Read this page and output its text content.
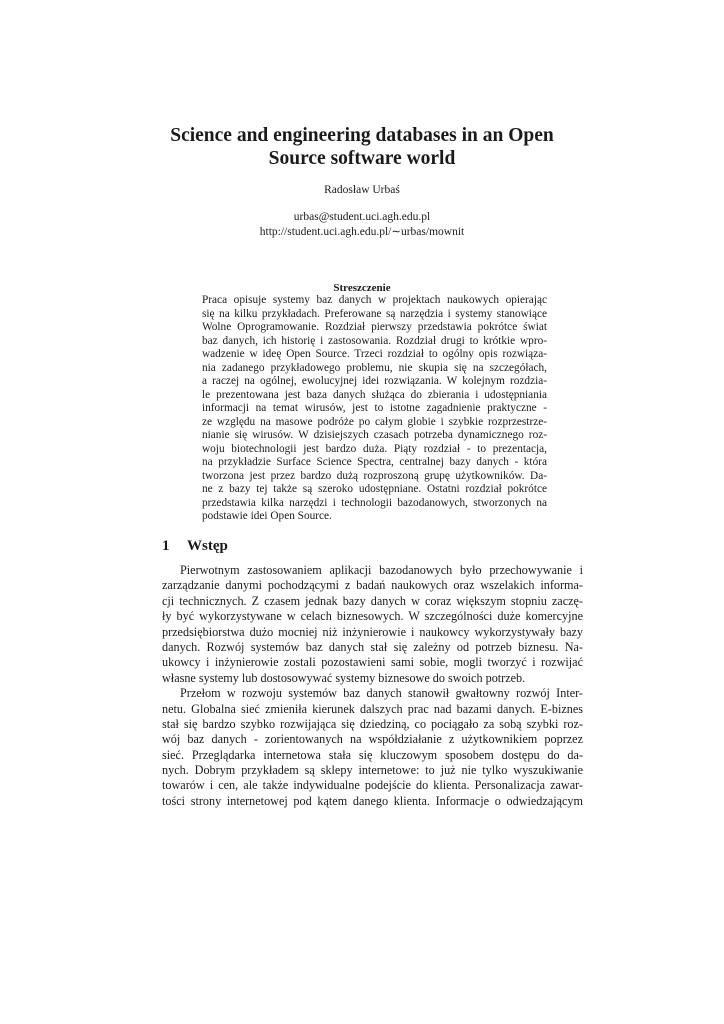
Science and engineering databases in an Open Source software world
Radosław Urbaś
urbas@student.uci.agh.edu.pl
http://student.uci.agh.edu.pl/∼urbas/mownit
Streszczenie
Praca opisuje systemy baz danych w projektach naukowych opierając
się na kilku przykładach. Preferowane są narzędzia i systemy stanowiące
Wolne Oprogramowanie. Rozdział pierwszy przedstawia pokrótce świat
baz danych, ich historię i zastosowania. Rozdział drugi to krótkie wpro-
wadzenie w ideę Open Source. Trzeci rozdział to ogólny opis rozwiąza-
nia zadanego przykładowego problemu, nie skupia się na szczegółach,
a raczej na ogólnej, ewolucyjnej idei rozwiązania. W kolejnym rozdzia-
le prezentowana jest baza danych służąca do zbierania i udostępniania
informacji na temat wirusów, jest to istotne zagadnienie praktyczne -
ze względu na masowe podróże po całym globie i szybkie rozprzestrze-
nianie się wirusów. W dzisiejszych czasach potrzeba dynamicznego roz-
woju biotechnologii jest bardzo duża. Piąty rozdział - to prezentacja,
na przykładzie Surface Science Spectra, centralnej bazy danych - która
tworzona jest przez bardzo dużą rozproszoną grupę użytkowników. Da-
ne z bazy tej także są szeroko udostępniane. Ostatni rozdział pokrótce
przedstawia kilka narzędzi i technologii bazodanowych, stworzonych na
podstawie idei Open Source.
1 Wstęp
Pierwotnym zastosowaniem aplikacji bazodanowych było przechowywanie i
zarządzanie danymi pochodzącymi z badań naukowych oraz wszelakich informa-
cji technicznych. Z czasem jednak bazy danych w coraz większym stopniu zaczę-
ły być wykorzystywane w celach biznesowych. W szczególności duże komercyjne
przedsiębiorstwa dużo mocniej niż inżynierowie i naukowcy wykorzystywały bazy
danych. Rozwój systemów baz danych stał się zależny od potrzeb biznesu. Na-
ukowcy i inżynierowie zostali pozostawieni sami sobie, mogli tworzyć i rozwijać
własne systemy lub dostosowywać systemy biznesowe do swoich potrzeb.
Przełom w rozwoju systemów baz danych stanowił gwałtowny rozwój Inter-
netu. Globalna sieć zmieniła kierunek dalszych prac nad bazami danych. E-biznes
stał się bardzo szybko rozwijająca się dziedziną, co pociągało za sobą szybki roz-
wój baz danych - zorientowanych na współdziałanie z użytkownikiem poprzez
sieć. Przeglądarka internetowa stała się kluczowym sposobem dostępu do da-
nych. Dobrym przykładem są sklepy internetowe: to już nie tylko wyszukiwanie
towarów i cen, ale także indywidualne podejście do klienta. Personalizacja zawar-
tości strony internetowej pod kątem danego klienta. Informacje o odwiedzającym
